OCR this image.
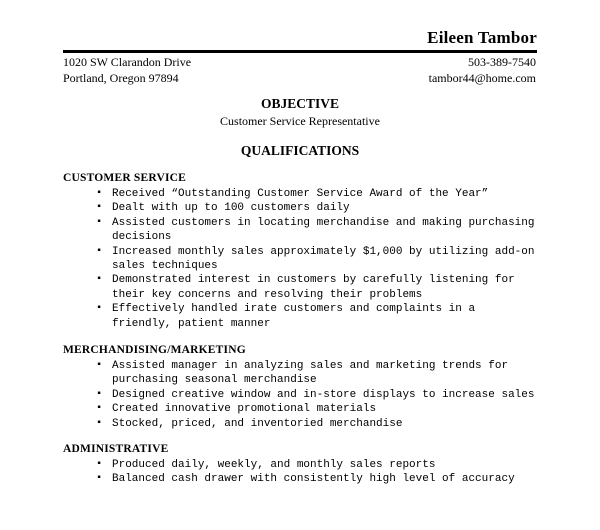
Eileen Tambor
1020 SW Clarandon Drive
Portland, Oregon 97894
503-389-7540
tambor44@home.com
OBJECTIVE
Customer Service Representative
QUALIFICATIONS
CUSTOMER SERVICE
▪ Received “Outstanding Customer Service Award of the Year”
▪ Dealt with up to 100 customers daily
▪ Assisted customers in locating merchandise and making purchasing decisions
▪ Increased monthly sales approximately $1,000 by utilizing add-on sales techniques
▪ Demonstrated interest in customers by carefully listening for their key concerns and resolving their problems
▪ Effectively handled irate customers and complaints in a friendly, patient manner
MERCHANDISING/MARKETING
▪ Assisted manager in analyzing sales and marketing trends for purchasing seasonal merchandise
▪ Designed creative window and in-store displays to increase sales
▪ Created innovative promotional materials
▪ Stocked, priced, and inventoried merchandise
ADMINISTRATIVE
▪ Produced daily, weekly, and monthly sales reports
▪ Balanced cash drawer with consistently high level of accuracy
